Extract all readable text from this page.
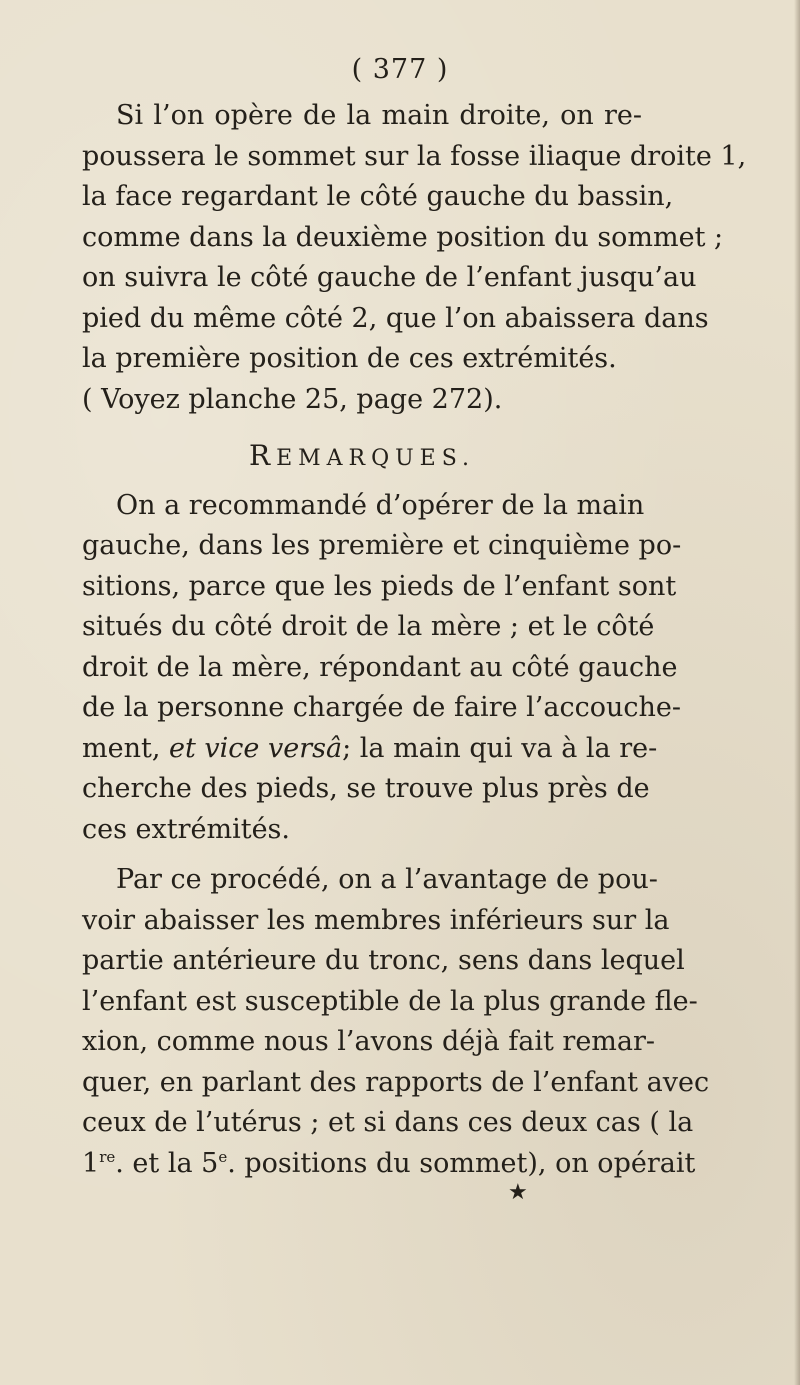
( 377 )
Si l’on opère de la main droite, on re-
poussera le sommet sur la fosse iliaque droite 1,
la face regardant le côté gauche du bassin,
comme dans la deuxième position du sommet ;
on suivra le côté gauche de l’enfant jusqu’au
pied du même côté 2, que l’on abaissera dans
la première position de ces extrémités.
( Voyez planche 25, page 272).
REMARQUES.
On a recommandé d’opérer de la main
gauche, dans les première et cinquième po-
sitions, parce que les pieds de l’enfant sont
situés du côté droit de la mère ; et le côté
droit de la mère, répondant au côté gauche
de la personne chargée de faire l’accouche-
ment, et vice versâ; la main qui va à la re-
cherche des pieds, se trouve plus près de
ces extrémités.
Par ce procédé, on a l’avantage de pou-
voir abaisser les membres inférieurs sur la
partie antérieure du tronc, sens dans lequel
l’enfant est susceptible de la plus grande fle-
xion, comme nous l’avons déjà fait remar-
quer, en parlant des rapports de l’enfant avec
ceux de l’utérus ; et si dans ces deux cas ( la
1re. et la 5e. positions du sommet), on opérait
★
